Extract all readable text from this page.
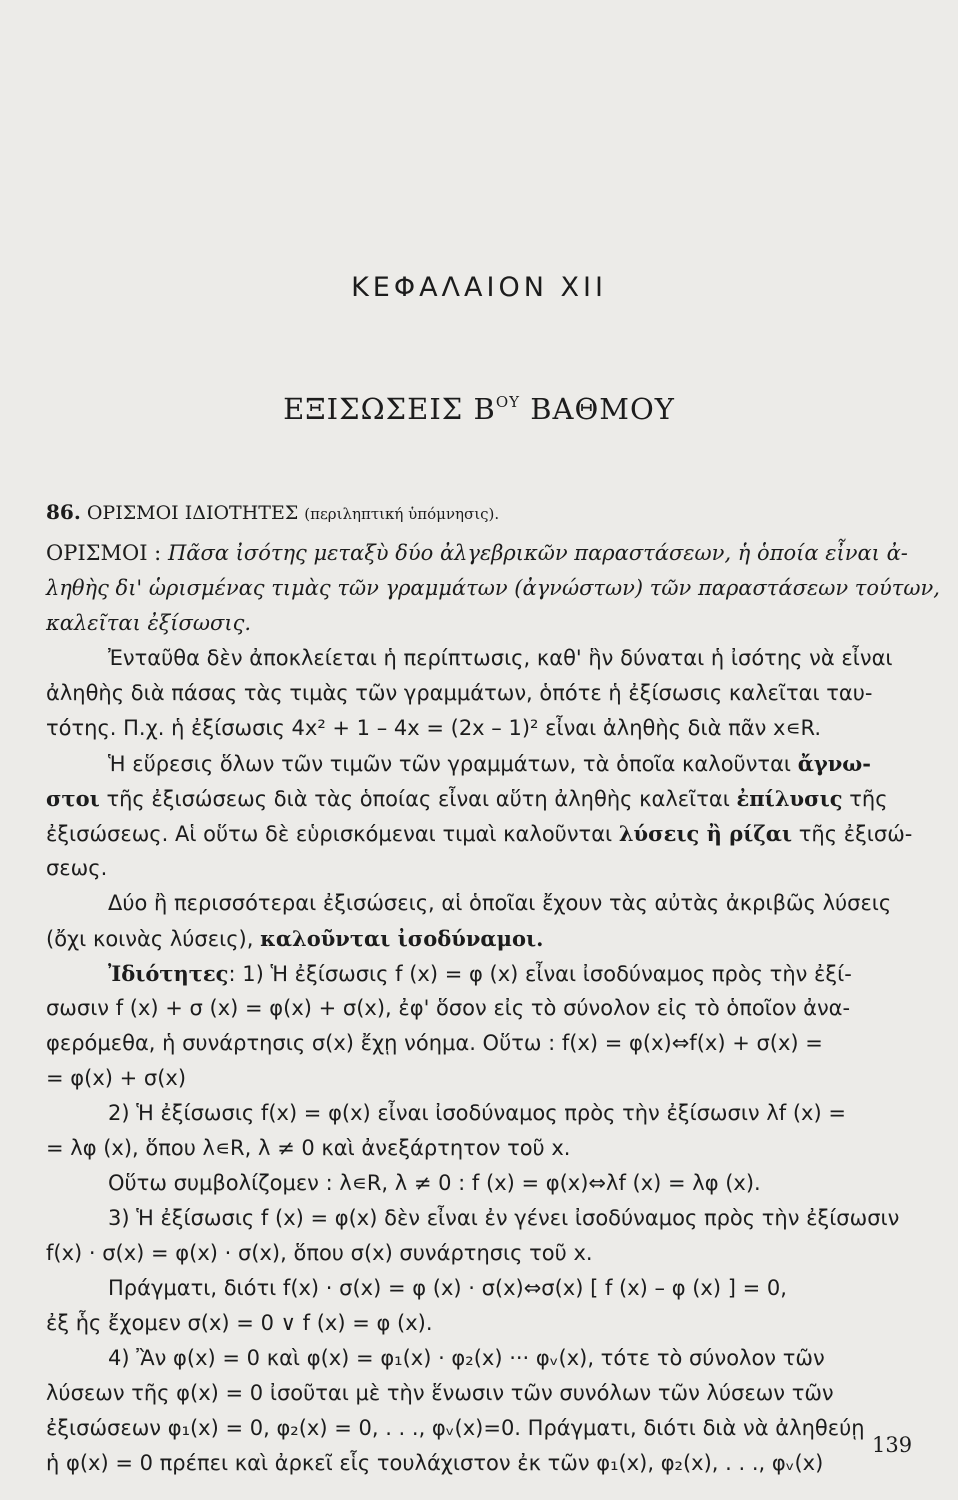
ΚΕΦΑΛΑΙΟΝ XII
ΕΞΙΣΩΣΕΙΣ $B^{O\Upsilon}$ ΒΑΘΜΟΥ
86. ΟΡΙΣΜΟΙ ΙΔΙΟΤΗΤΕΣ (περιληπτική ὑπόμνησις).
ΟΡΙΣΜΟΙ : Πᾶσα ἰσότης μεταξὺ δύο ἀλγεβρικῶν παραστάσεων, ἡ ὁποία εἶναι ἀ-
ληθὴς δι' ὡρισμένας τιμὰς τῶν γραμμάτων (ἀγνώστων) τῶν παραστάσεων τούτων,
καλεῖται ἐξίσωσις.
Ἐνταῦθα δὲν ἀποκλείεται ἡ περίπτωσις, καθ' ἣν δύναται ἡ ἰσότης νὰ εἶναι
ἀληθὴς διὰ πάσας τὰς τιμὰς τῶν γραμμάτων, ὁπότε ἡ ἐξίσωσις καλεῖται ταυ-
τότης. Π.χ. ἡ ἐξίσωσις 4x² + 1 – 4x = (2x – 1)² εἶναι ἀληθὴς διὰ πᾶν x∊R.
Ἡ εὕρεσις ὅλων τῶν τιμῶν τῶν γραμμάτων, τὰ ὁποῖα καλοῦνται ἄγνω-
στοι τῆς ἐξισώσεως διὰ τὰς ὁποίας εἶναι αὕτη ἀληθὴς καλεῖται ἐπίλυσις τῆς
ἐξισώσεως. Αἱ οὕτω δὲ εὑρισκόμεναι τιμαὶ καλοῦνται λύσεις ἢ ρίζαι τῆς ἐξισώ-
σεως.
Δύο ἢ περισσότεραι ἐξισώσεις, αἱ ὁποῖαι ἔχουν τὰς αὐτὰς ἀκριβῶς λύσεις
(ὄχι κοινὰς λύσεις), καλοῦνται ἰσοδύναμοι.
Ἰδιότητες: 1) Ἡ ἐξίσωσις f (x) = φ (x) εἶναι ἰσοδύναμος πρὸς τὴν ἐξί-
σωσιν f (x) + σ (x) = φ(x) + σ(x), ἐφ' ὅσον εἰς τὸ σύνολον εἰς τὸ ὁποῖον ἀνα-
φερόμεθα, ἡ συνάρτησις σ(x) ἔχῃ νόημα. Οὕτω : f(x) = φ(x)⇔f(x) + σ(x) =
= φ(x) + σ(x)
2) Ἡ ἐξίσωσις f(x) = φ(x) εἶναι ἰσοδύναμος πρὸς τὴν ἐξίσωσιν λf (x) =
= λφ (x), ὅπου λ∊R, λ ≠ 0 καὶ ἀνεξάρτητον τοῦ x.
Οὕτω συμβολίζομεν : λ∊R, λ ≠ 0 : f (x) = φ(x)⇔λf (x) = λφ (x).
3) Ἡ ἐξίσωσις f (x) = φ(x) δὲν εἶναι ἐν γένει ἰσοδύναμος πρὸς τὴν ἐξίσωσιν
f(x) · σ(x) = φ(x) · σ(x), ὅπου σ(x) συνάρτησις τοῦ x.
Πράγματι, διότι f(x) · σ(x) = φ (x) · σ(x)⇔σ(x) [ f (x) – φ (x) ] = 0,
ἐξ ἧς ἔχομεν σ(x) = 0 ∨ f (x) = φ (x).
4) Ἂν φ(x) = 0 καὶ φ(x) = φ₁(x) · φ₂(x) ··· φᵥ(x), τότε τὸ σύνολον τῶν
λύσεων τῆς φ(x) = 0 ἰσοῦται μὲ τὴν ἕνωσιν τῶν συνόλων τῶν λύσεων τῶν
ἐξισώσεων φ₁(x) = 0, φ₂(x) = 0, . . ., φᵥ(x)=0. Πράγματι, διότι διὰ νὰ ἀληθεύῃ
ἡ φ(x) = 0 πρέπει καὶ ἀρκεῖ εἷς τουλάχιστον ἐκ τῶν φ₁(x), φ₂(x), . . ., φᵥ(x)
139
